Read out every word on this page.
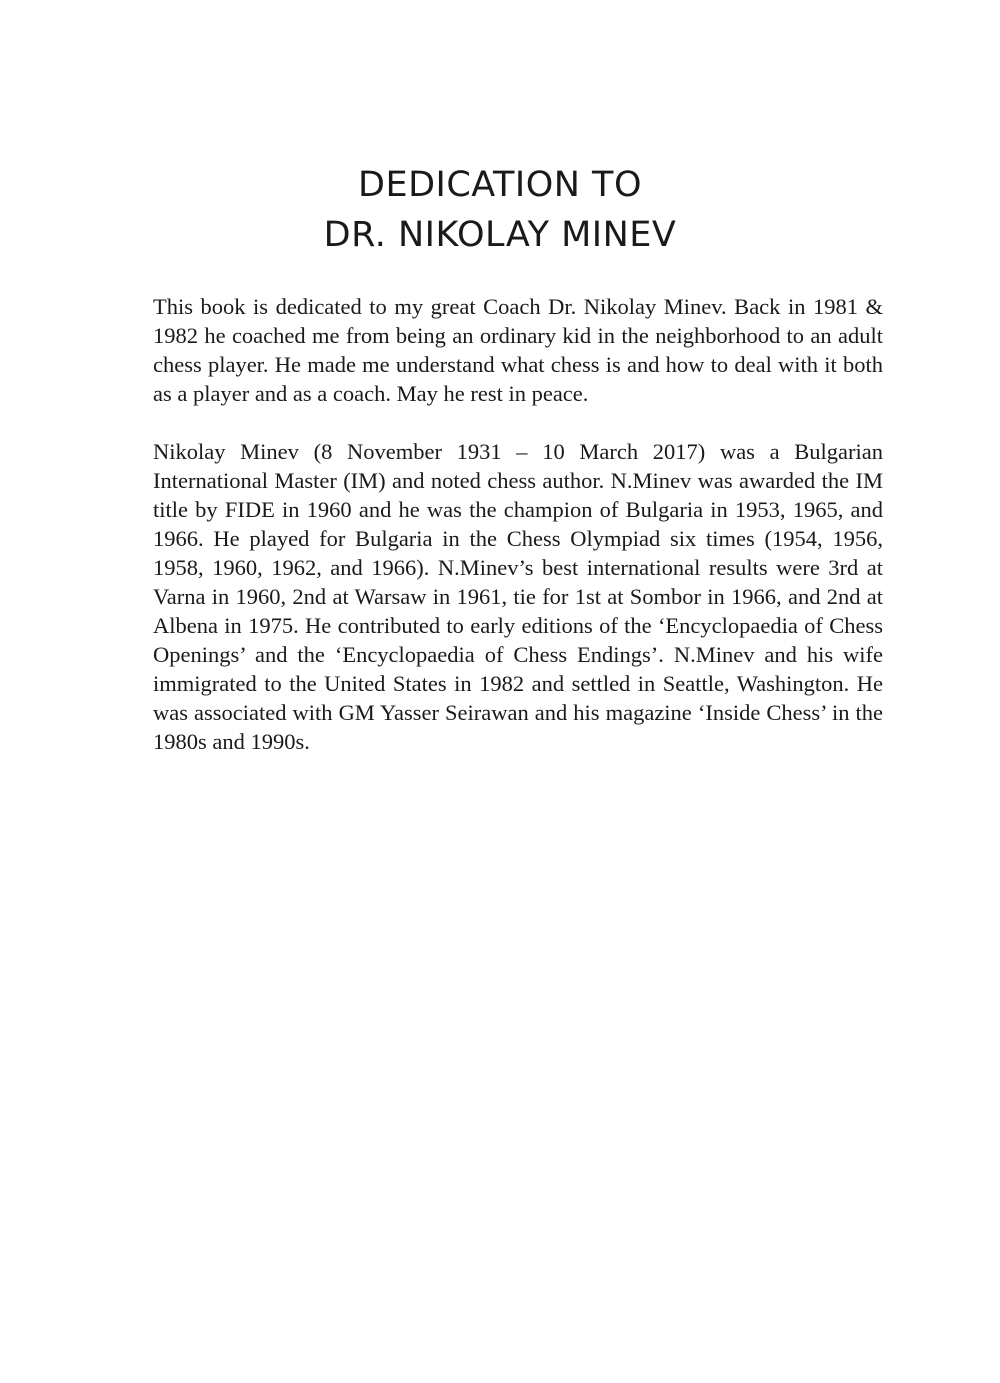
DEDICATION TO
DR. NIKOLAY MINEV

This book is dedicated to my great Coach Dr. Nikolay Minev. Back in 1981 & 1982 he coached me from being an ordinary kid in the neighborhood to an adult chess player. He made me understand what chess is and how to deal with it both as a player and as a coach. May he rest in peace.

Nikolay Minev (8 November 1931 – 10 March 2017) was a Bulgarian International Master (IM) and noted chess author. N.Minev was awarded the IM title by FIDE in 1960 and he was the champion of Bulgaria in 1953, 1965, and 1966. He played for Bulgaria in the Chess Olympiad six times (1954, 1956, 1958, 1960, 1962, and 1966). N.Minev’s best international results were 3rd at Varna in 1960, 2nd at Warsaw in 1961, tie for 1st at Sombor in 1966, and 2nd at Albena in 1975. He contributed to early editions of the ‘Encyclopaedia of Chess Openings’ and the ‘Encyclopaedia of Chess Endings’. N.Minev and his wife immigrated to the United States in 1982 and settled in Seattle, Washington. He was associated with GM Yasser Seirawan and his magazine ‘Inside Chess’ in the 1980s and 1990s.
